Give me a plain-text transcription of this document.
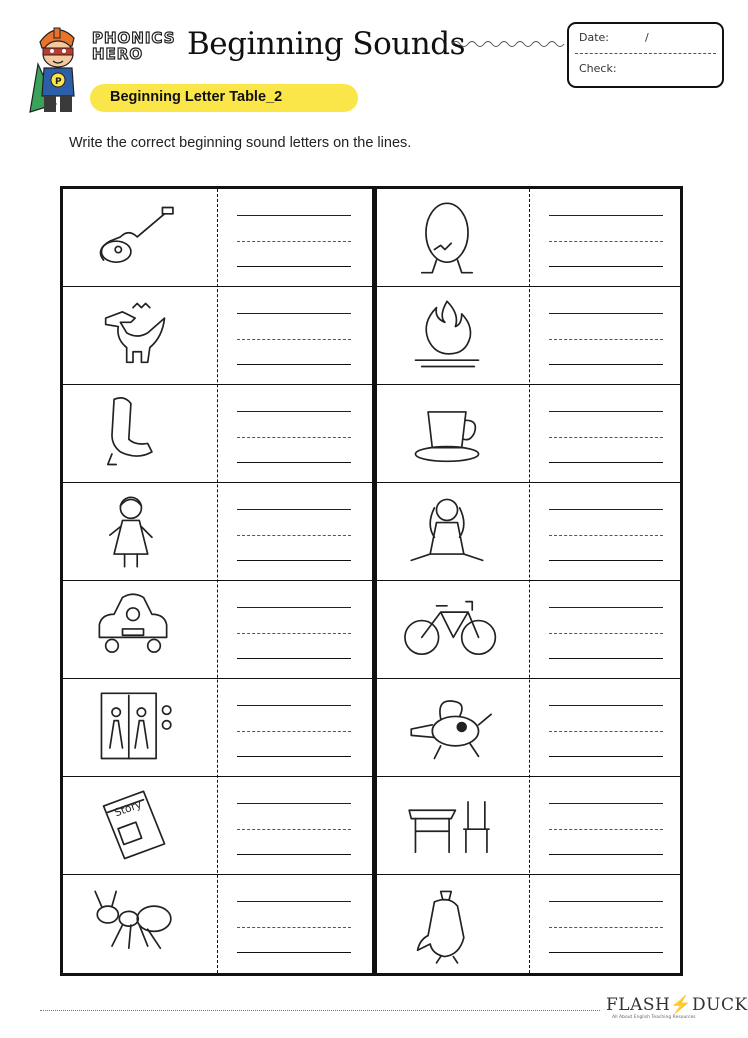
P
PHONICS
HERO	Beginning Sounds	Date:	/
Check:
Beginning Letter Table_2
Write the correct beginning sound letters on the lines.
Story
FLASH⚡DUCK
All About English Teaching Resources
